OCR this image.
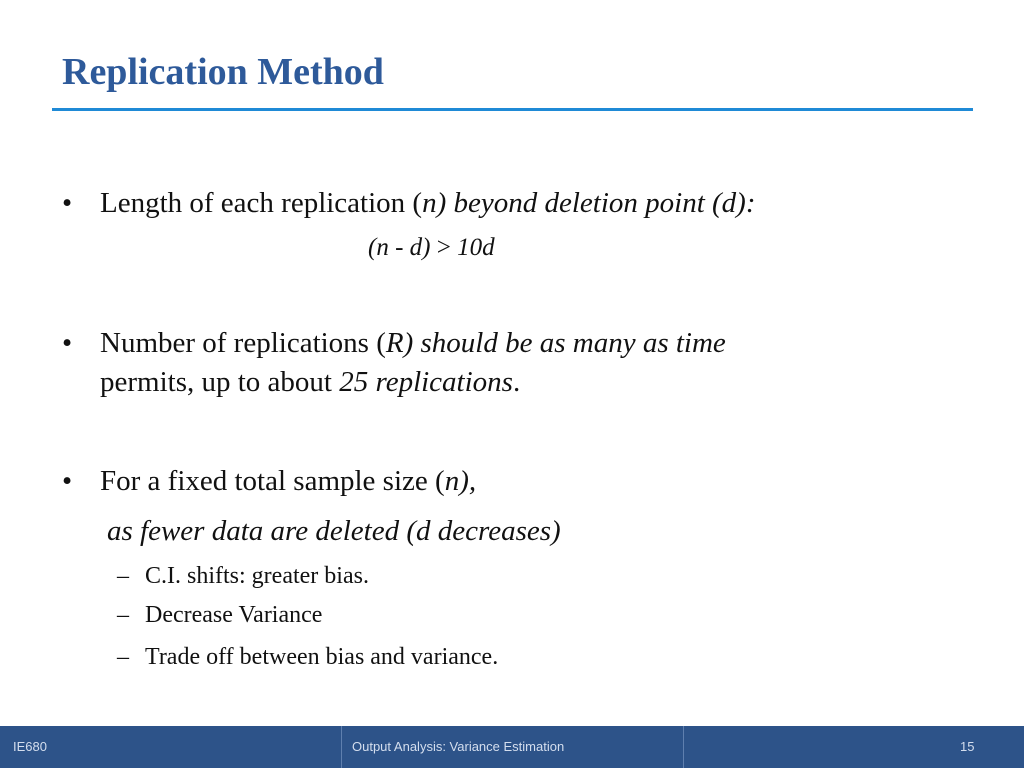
Replication Method
• Length of each replication (n) beyond deletion point (d):
(n - d) > 10d
• Number of replications (R) should be as many as time
permits, up to about 25 replications.
• For a fixed total sample size (n),
as fewer data are deleted (d decreases)
– C.I. shifts: greater bias.
– Decrease Variance
– Trade off between bias and variance.
IE680	Output Analysis: Variance Estimation	15
